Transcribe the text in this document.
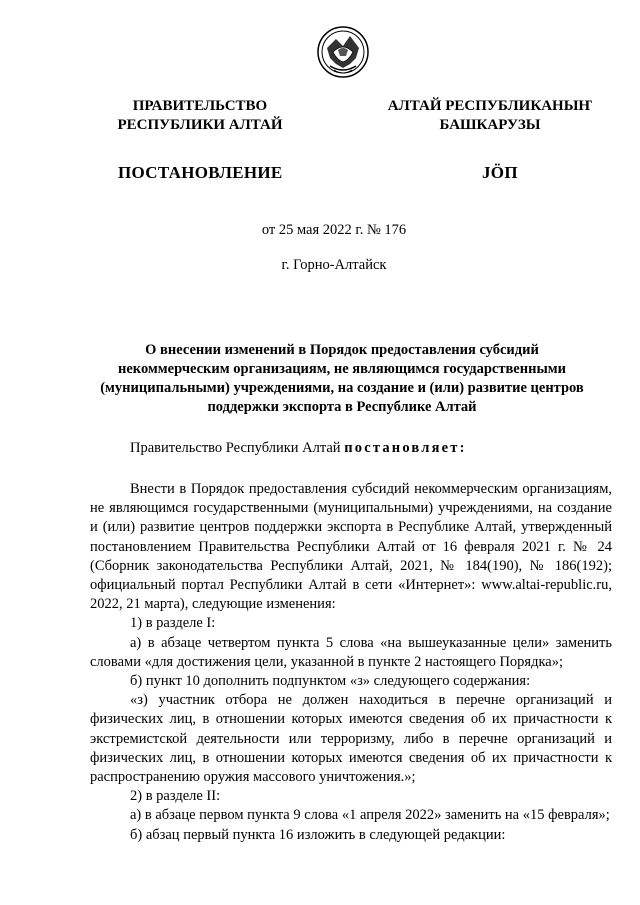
ПРАВИТЕЛЬСТВО
РЕСПУБЛИКИ АЛТАЙ
АЛТАЙ РЕСПУБЛИКАНЫҤ
БАШКАРУЗЫ
ПОСТАНОВЛЕНИЕ	JӦП
от 25 мая 2022 г. № 176
г. Горно-Алтайск
О внесении изменений в Порядок предоставления субсидий
некоммерческим организациям, не являющимся государственными
(муниципальными) учреждениями, на создание и (или) развитие центров
поддержки экспорта в Республике Алтай
Правительство Республики Алтай постановляет:

Внести в Порядок предоставления субсидий некоммерческим организациям, не являющимся государственными (муниципальными) учреждениями, на создание и (или) развитие центров поддержки экспорта в Республике Алтай, утвержденный постановлением Правительства Республики Алтай от 16 февраля 2021 г. № 24 (Сборник законодательства Республики Алтай, 2021, № 184(190), № 186(192); официальный портал Республики Алтай в сети «Интернет»: www.altai-republic.ru, 2022, 21 марта), следующие изменения:

1) в разделе I:

а) в абзаце четвертом пункта 5 слова «на вышеуказанные цели» заменить словами «для достижения цели, указанной в пункте 2 настоящего Порядка»;

б) пункт 10 дополнить подпунктом «з» следующего содержания:

«з) участник отбора не должен находиться в перечне организаций и физических лиц, в отношении которых имеются сведения об их причастности к экстремистской деятельности или терроризму, либо в перечне организаций и физических лиц, в отношении которых имеются сведения об их причастности к распространению оружия массового уничтожения.»;

2) в разделе II:

а) в абзаце первом пункта 9 слова «1 апреля 2022» заменить на «15 февраля»;

б) абзац первый пункта 16 изложить в следующей редакции:
